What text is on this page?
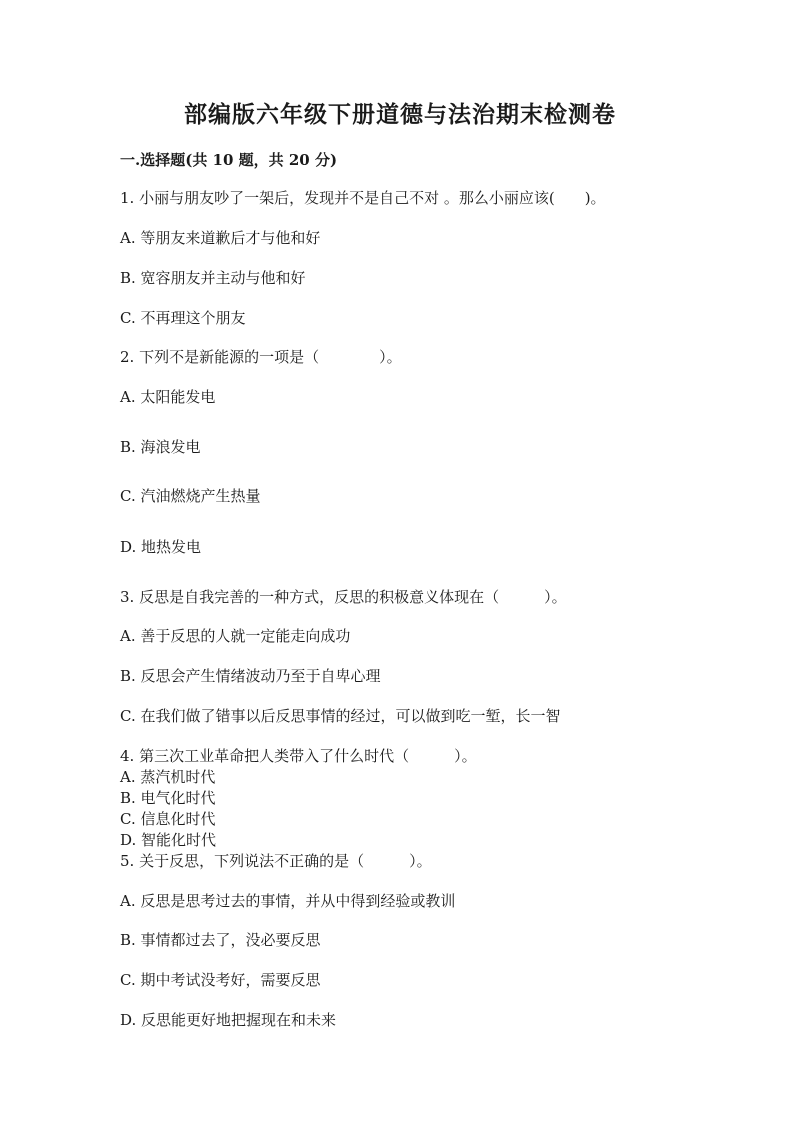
部编版六年级下册道德与法治期末检测卷
一.选择题(共 10 题，共 20 分)
1. 小丽与朋友吵了一架后，发现并不是自己不对 。那么小丽应该(　　)。
A. 等朋友来道歉后才与他和好
B. 宽容朋友并主动与他和好
C. 不再理这个朋友
2. 下列不是新能源的一项是（　　　　）。
A. 太阳能发电
B. 海浪发电
C. 汽油燃烧产生热量
D. 地热发电
3. 反思是自我完善的一种方式，反思的积极意义体现在（　　　）。
A. 善于反思的人就一定能走向成功
B. 反思会产生情绪波动乃至于自卑心理
C. 在我们做了错事以后反思事情的经过，可以做到吃一堑，长一智
4. 第三次工业革命把人类带入了什么时代（　　　）。
A. 蒸汽机时代
B. 电气化时代
C. 信息化时代
D. 智能化时代
5. 关于反思，下列说法不正确的是（　　　）。
A. 反思是思考过去的事情，并从中得到经验或教训
B. 事情都过去了，没必要反思
C. 期中考试没考好，需要反思
D. 反思能更好地把握现在和未来
